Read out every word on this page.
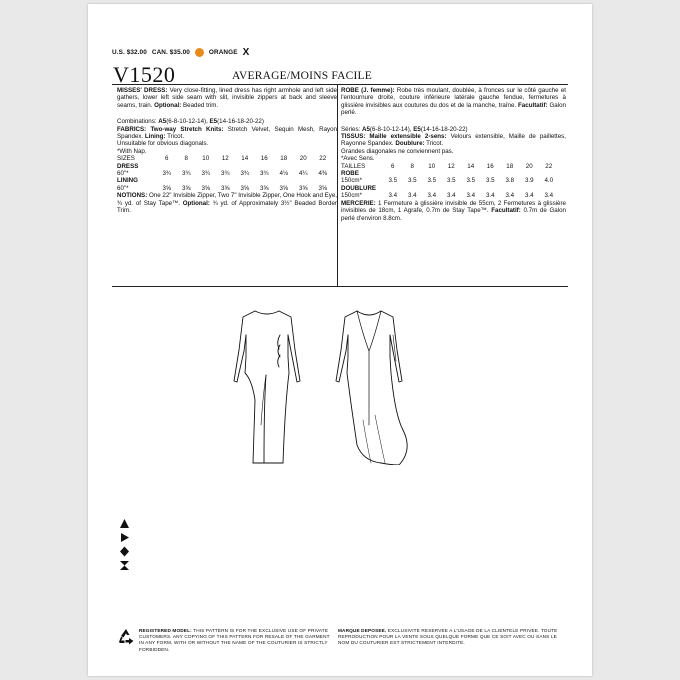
U.S. $32.00 CAN. $35.00	ORANGE X
V1520	AVERAGE/MOINS FACILE

MISSES' DRESS: Very close-fitting, lined dress has right armhole and left side gathers, lower left side seam with slit, invisible zippers at back and sleeve seams, train. Optional: Beaded trim.

Combinations: A5(6-8-10-12-14), E5(14-16-18-20-22)

FABRICS: Two-way Stretch Knits: Stretch Velvet, Sequin Mesh, Rayon Spandex. Lining: Tricot.

Unsuitable for obvious diagonals.

*With Nap.

SIZES	6	8	10	12	14	16	18	20	22
DRESS									
60"*	3¾	3¾	3¾	3¾	3¾	3¾	4⅛	4¼	4⅜
LINING									
60"*	3⅝	3⅝	3⅝	3⅝	3⅝	3⅝	3⅝	3⅝	3⅝

NOTIONS: One 22" Invisible Zipper, Two 7" Invisible Zipper, One Hook and Eye, ¾ yd. of Stay Tape™. Optional: ¾ yd. of Approximately 3½" Beaded Border Trim.

ROBE (J. femme): Robe très moulant, doublée, à fronces sur le côté gauche et l'entournure droite, couture inférieure latérale gauche fendue, fermetures à glissière invisibles aux coutures du dos et de la manche, traîne. Facultatif: Galon perlé.

Séries: A5(6-8-10-12-14), E5(14-16-18-20-22)

TISSUS: Maille extensible 2-sens: Velours extensible, Maille de paillettes, Rayonne Spandex. Doublure: Tricot.

Grandes diagonales ne conviennent pas.

*Avec Sens.

TAILLES	6	8	10	12	14	16	18	20	22
ROBE									
150cm*	3.5	3.5	3.5	3.5	3.5	3.5	3.8	3.9	4.0
DOUBLURE									
150cm*	3.4	3.4	3.4	3.4	3.4	3.4	3.4	3.4	3.4

MERCERIE: 1 Fermeture à glissière invisible de 55cm, 2 Fermetures à glissière invisibles de 18cm, 1 Agrafe, 0.7m de Stay Tape™. Facultatif: 0.7m de Galon perlé d'environ 8.8cm.

REGISTERED MODEL: THIS PATTERN IS FOR THE EXCLUSIVE USE OF PRIVATE CUSTOMERS. ANY COPYING OF THIS PATTERN FOR RESALE OF THE GARMENT IN ANY FORM, WITH OR WITHOUT THE NAME OF THE COUTURIER IS STRICTLY FORBIDDEN.
MARQUE DEPOSEE. EXCLUSIVITE RESERVEE A L'USAGE DE LA CLIENTELE PRIVEE. TOUTE REPRODUCTION POUR LA VENTE SOUS QUELQUE FORME QUE CE SOIT AVEC OU SANS LE NOM DU COUTURIER EST STRICTEMENT INTERDITE.
